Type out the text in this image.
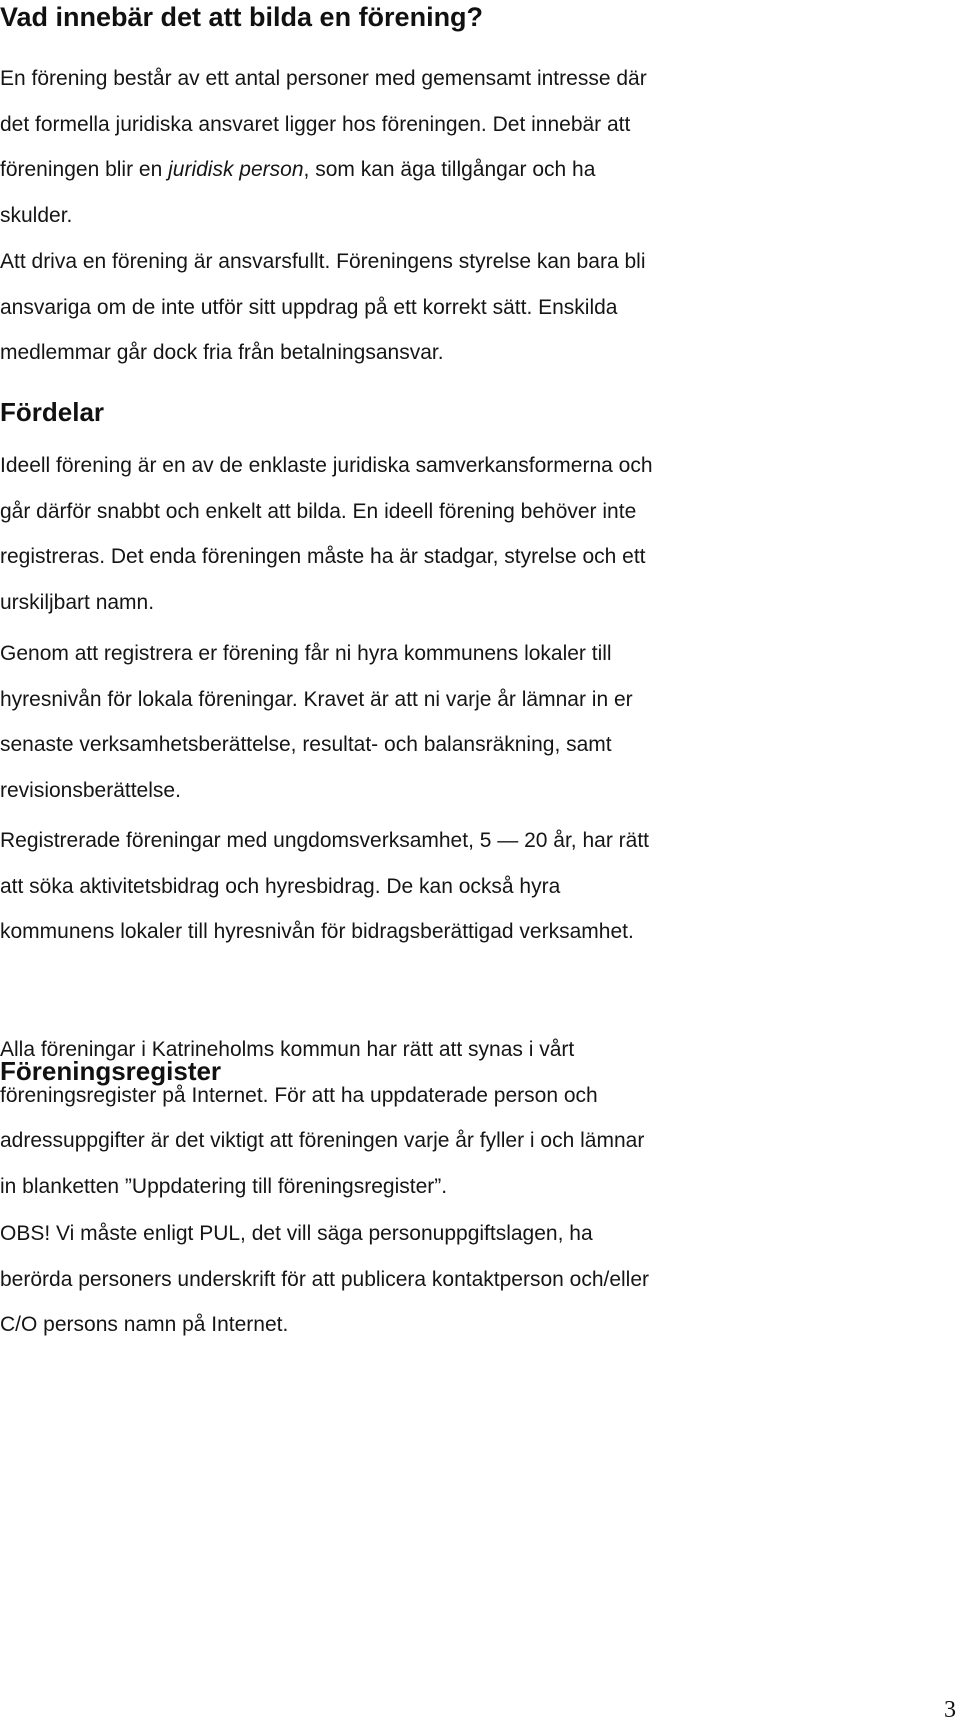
Vad innebär det att bilda en förening?

En förening består av ett antal personer med gemensamt intresse där
det formella juridiska ansvaret ligger hos föreningen. Det innebär att
föreningen blir en juridisk person, som kan äga tillgångar och ha
skulder.

Att driva en förening är ansvarsfullt. Föreningens styrelse kan bara bli
ansvariga om de inte utför sitt uppdrag på ett korrekt sätt. Enskilda
medlemmar går dock fria från betalningsansvar.

Fördelar

Ideell förening är en av de enklaste juridiska samverkansformerna och
går därför snabbt och enkelt att bilda. En ideell förening behöver inte
registreras. Det enda föreningen måste ha är stadgar, styrelse och ett
urskiljbart namn.

Genom att registrera er förening får ni hyra kommunens lokaler till
hyresnivån för lokala föreningar. Kravet är att ni varje år lämnar in er
senaste verksamhetsberättelse, resultat- och balansräkning, samt
revisionsberättelse.

Registrerade föreningar med ungdomsverksamhet, 5 — 20 år, har rätt
att söka aktivitetsbidrag och hyresbidrag. De kan också hyra
kommunens lokaler till hyresnivån för bidragsberättigad verksamhet.

Föreningsregister

Alla föreningar i Katrineholms kommun har rätt att synas i vårt
föreningsregister på Internet. För att ha uppdaterade person och
adressuppgifter är det viktigt att föreningen varje år fyller i och lämnar
in blanketten ”Uppdatering till föreningsregister”.

OBS! Vi måste enligt PUL, det vill säga personuppgiftslagen, ha
berörda personers underskrift för att publicera kontaktperson och/eller
C/O persons namn på Internet.

3
